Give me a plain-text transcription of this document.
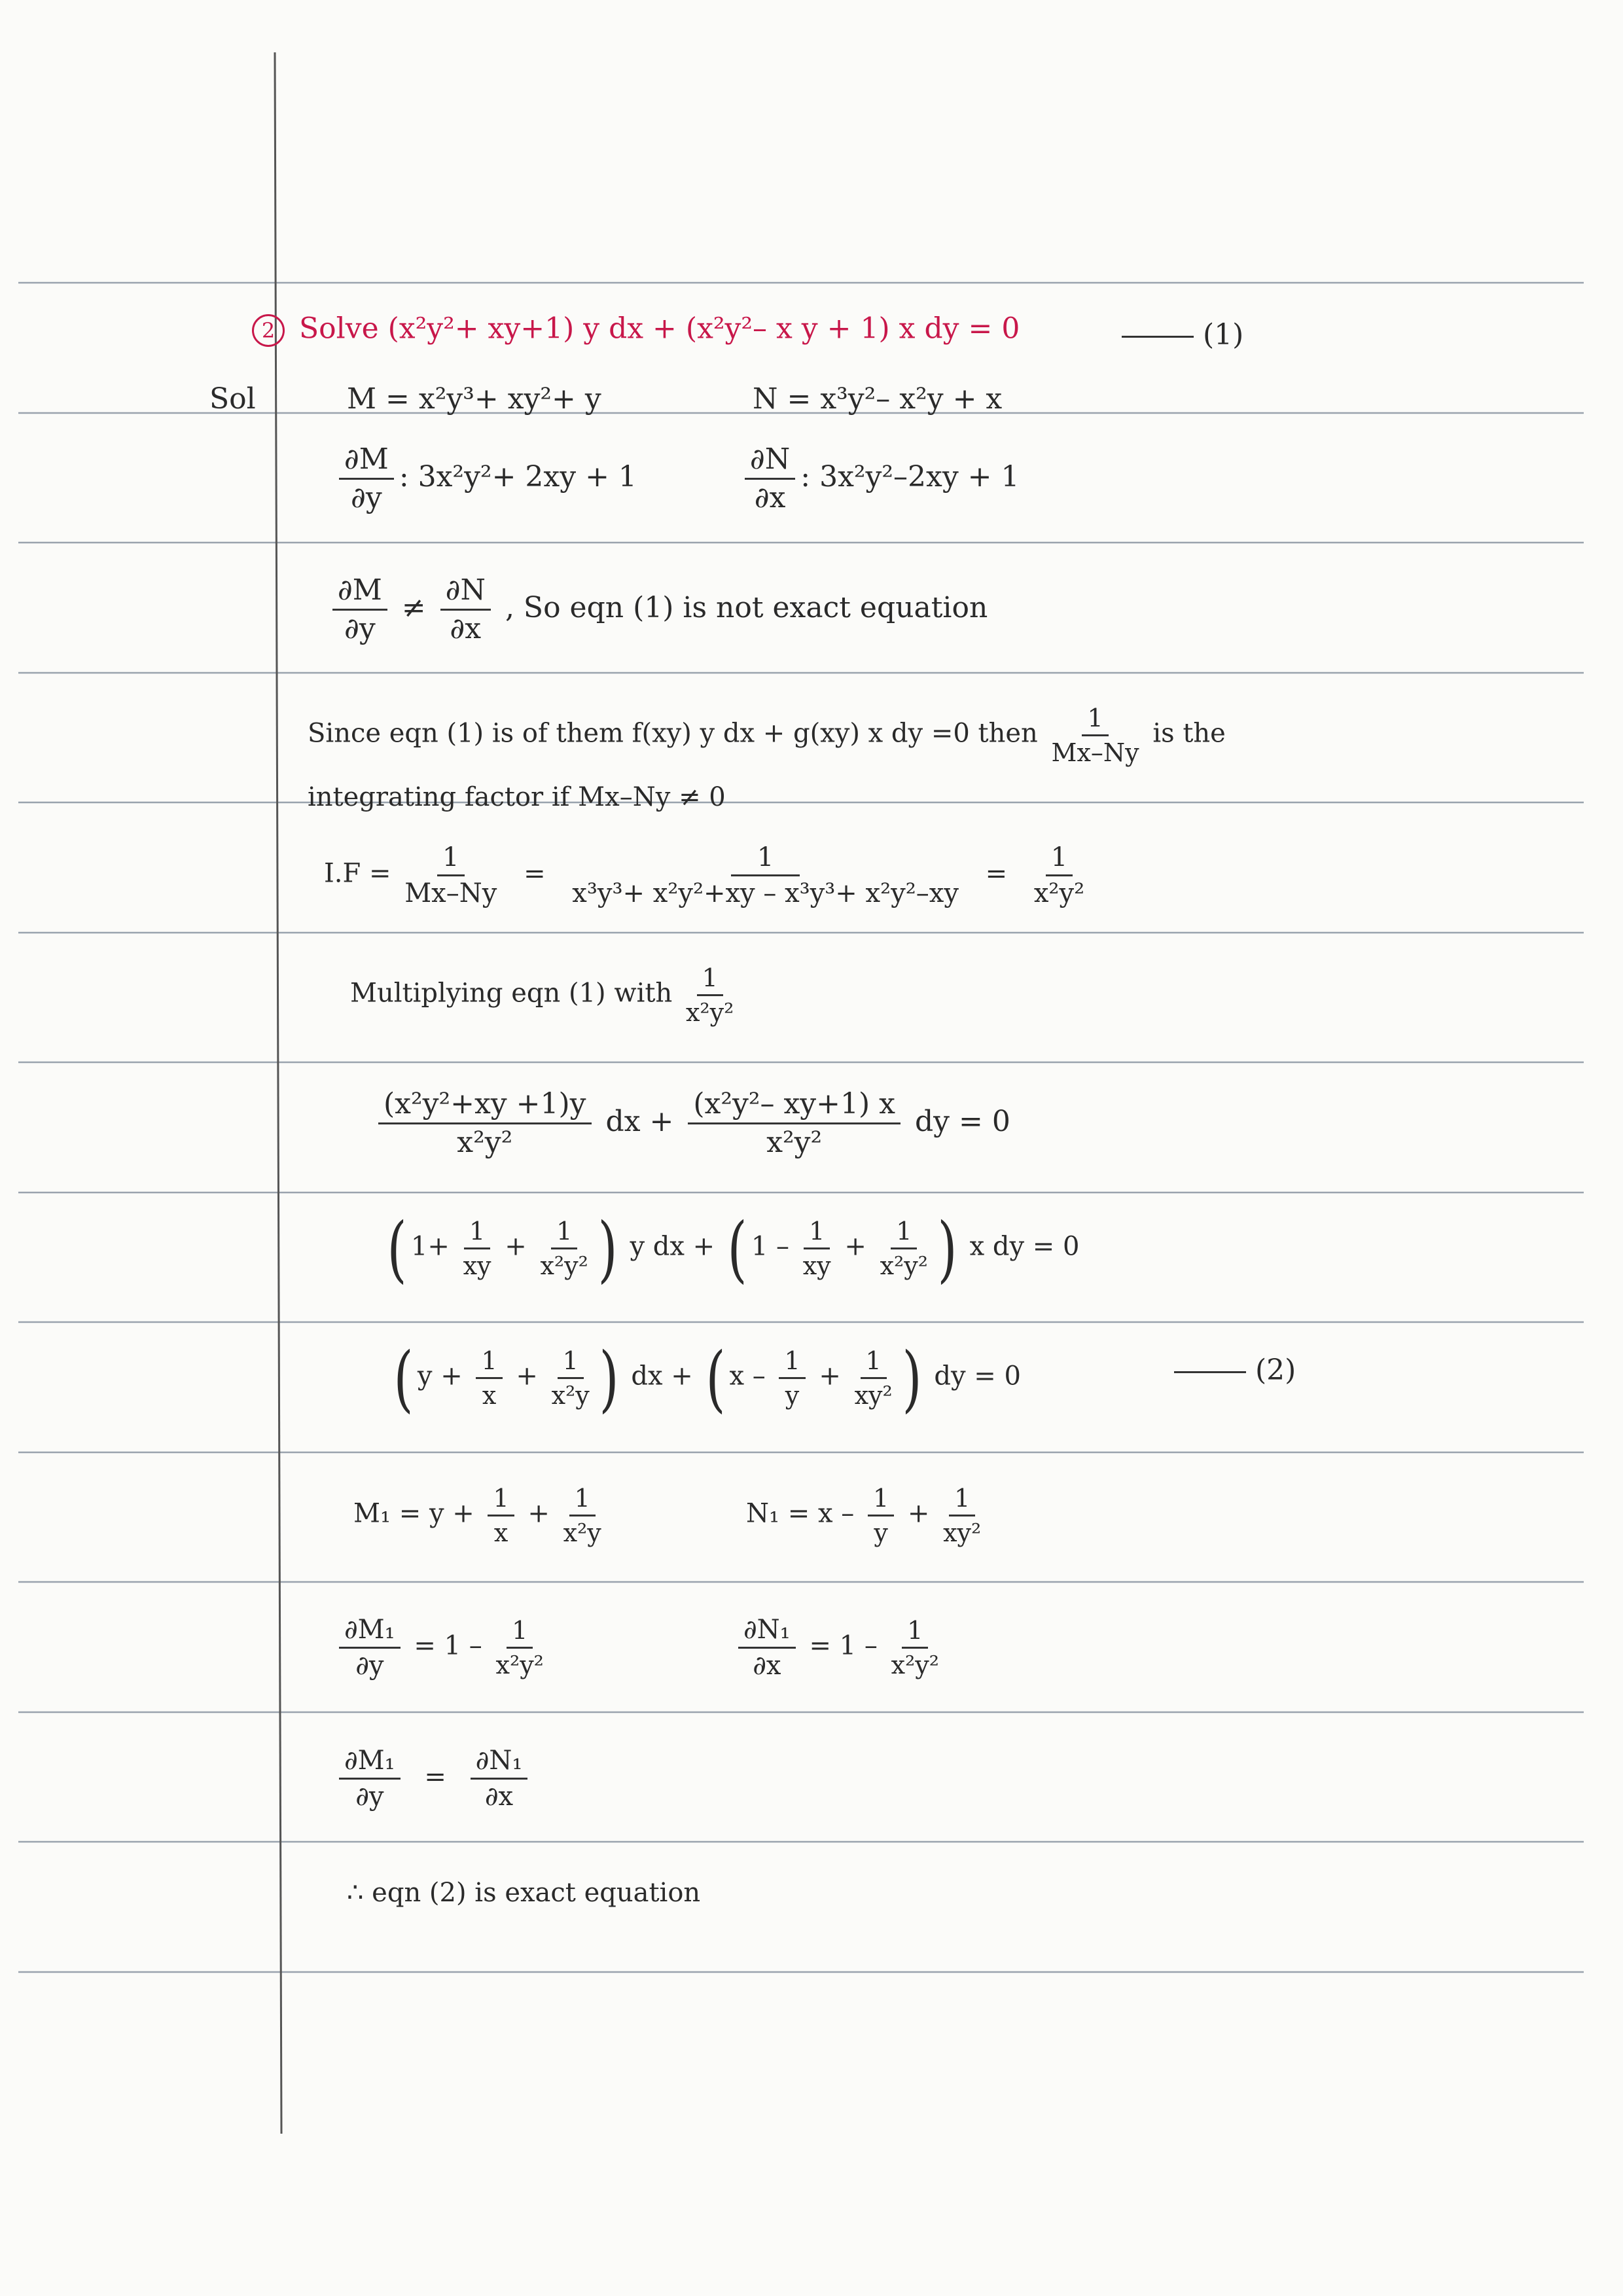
2 Solve (x²y²+ xy+1) y dx + (x²y²– x y + 1) x dy = 0	(1)
Sol	M = x²y³+ xy²+ y	N = x³y²– x²y + x
$\frac{\partial M}{\partial y}$ : 3x²y²+ 2xy + 1	$\frac{\partial N}{\partial x}$ : 3x²y²–2xy + 1
$\frac{\partial M}{\partial y} \ne \frac{\partial N}{\partial x}$ , So eqn (1) is not exact equation
Since eqn (1) is of them f(xy) y dx + g(xy) x dy =0 then $\frac{1}{Mx-Ny}$ is the
integrating factor if Mx–Ny ≠ 0
$I.F = \frac{1}{Mx-Ny} = \frac{1}{\text{x³y³+ x²y²+xy – x³y³+ x²y²–xy}} = \frac{1}{\text{x²y²}}$
Multiplying eqn (1) with $\frac{1}{\text{x²y²}}$
$\frac{\text{(x²y²+xy +1)y}}{\text{x²y²}}$ dx + $\frac{\text{(x²y²– xy+1) x}}{\text{x²y²}}$ dy = 0
( $1+ \frac{1}{xy} + \frac{1}{\text{x²y²}}$ ) y dx + ( $1 - \frac{1}{xy} + \frac{1}{\text{x²y²}}$ ) x dy = 0
( $y + \frac{1}{x} + \frac{1}{\text{x²y}}$ ) dx + ( $x - \frac{1}{y} + \frac{1}{\text{xy²}}$ ) dy = 0	(2)
$M_1 = y + \frac{1}{x} + \frac{1}{\text{x²y}}$	$N_1 = x - \frac{1}{y} + \frac{1}{\text{xy²}}$
$\frac{\text{∂M₁}}{\partial y} = 1 - \frac{1}{\text{x²y²}}$	$\frac{\text{∂N₁}}{\partial x} = 1 - \frac{1}{\text{x²y²}}$
$\frac{\text{∂M₁}}{\partial y} = \frac{\text{∂N₁}}{\partial x}$
∴ eqn (2) is exact equation
